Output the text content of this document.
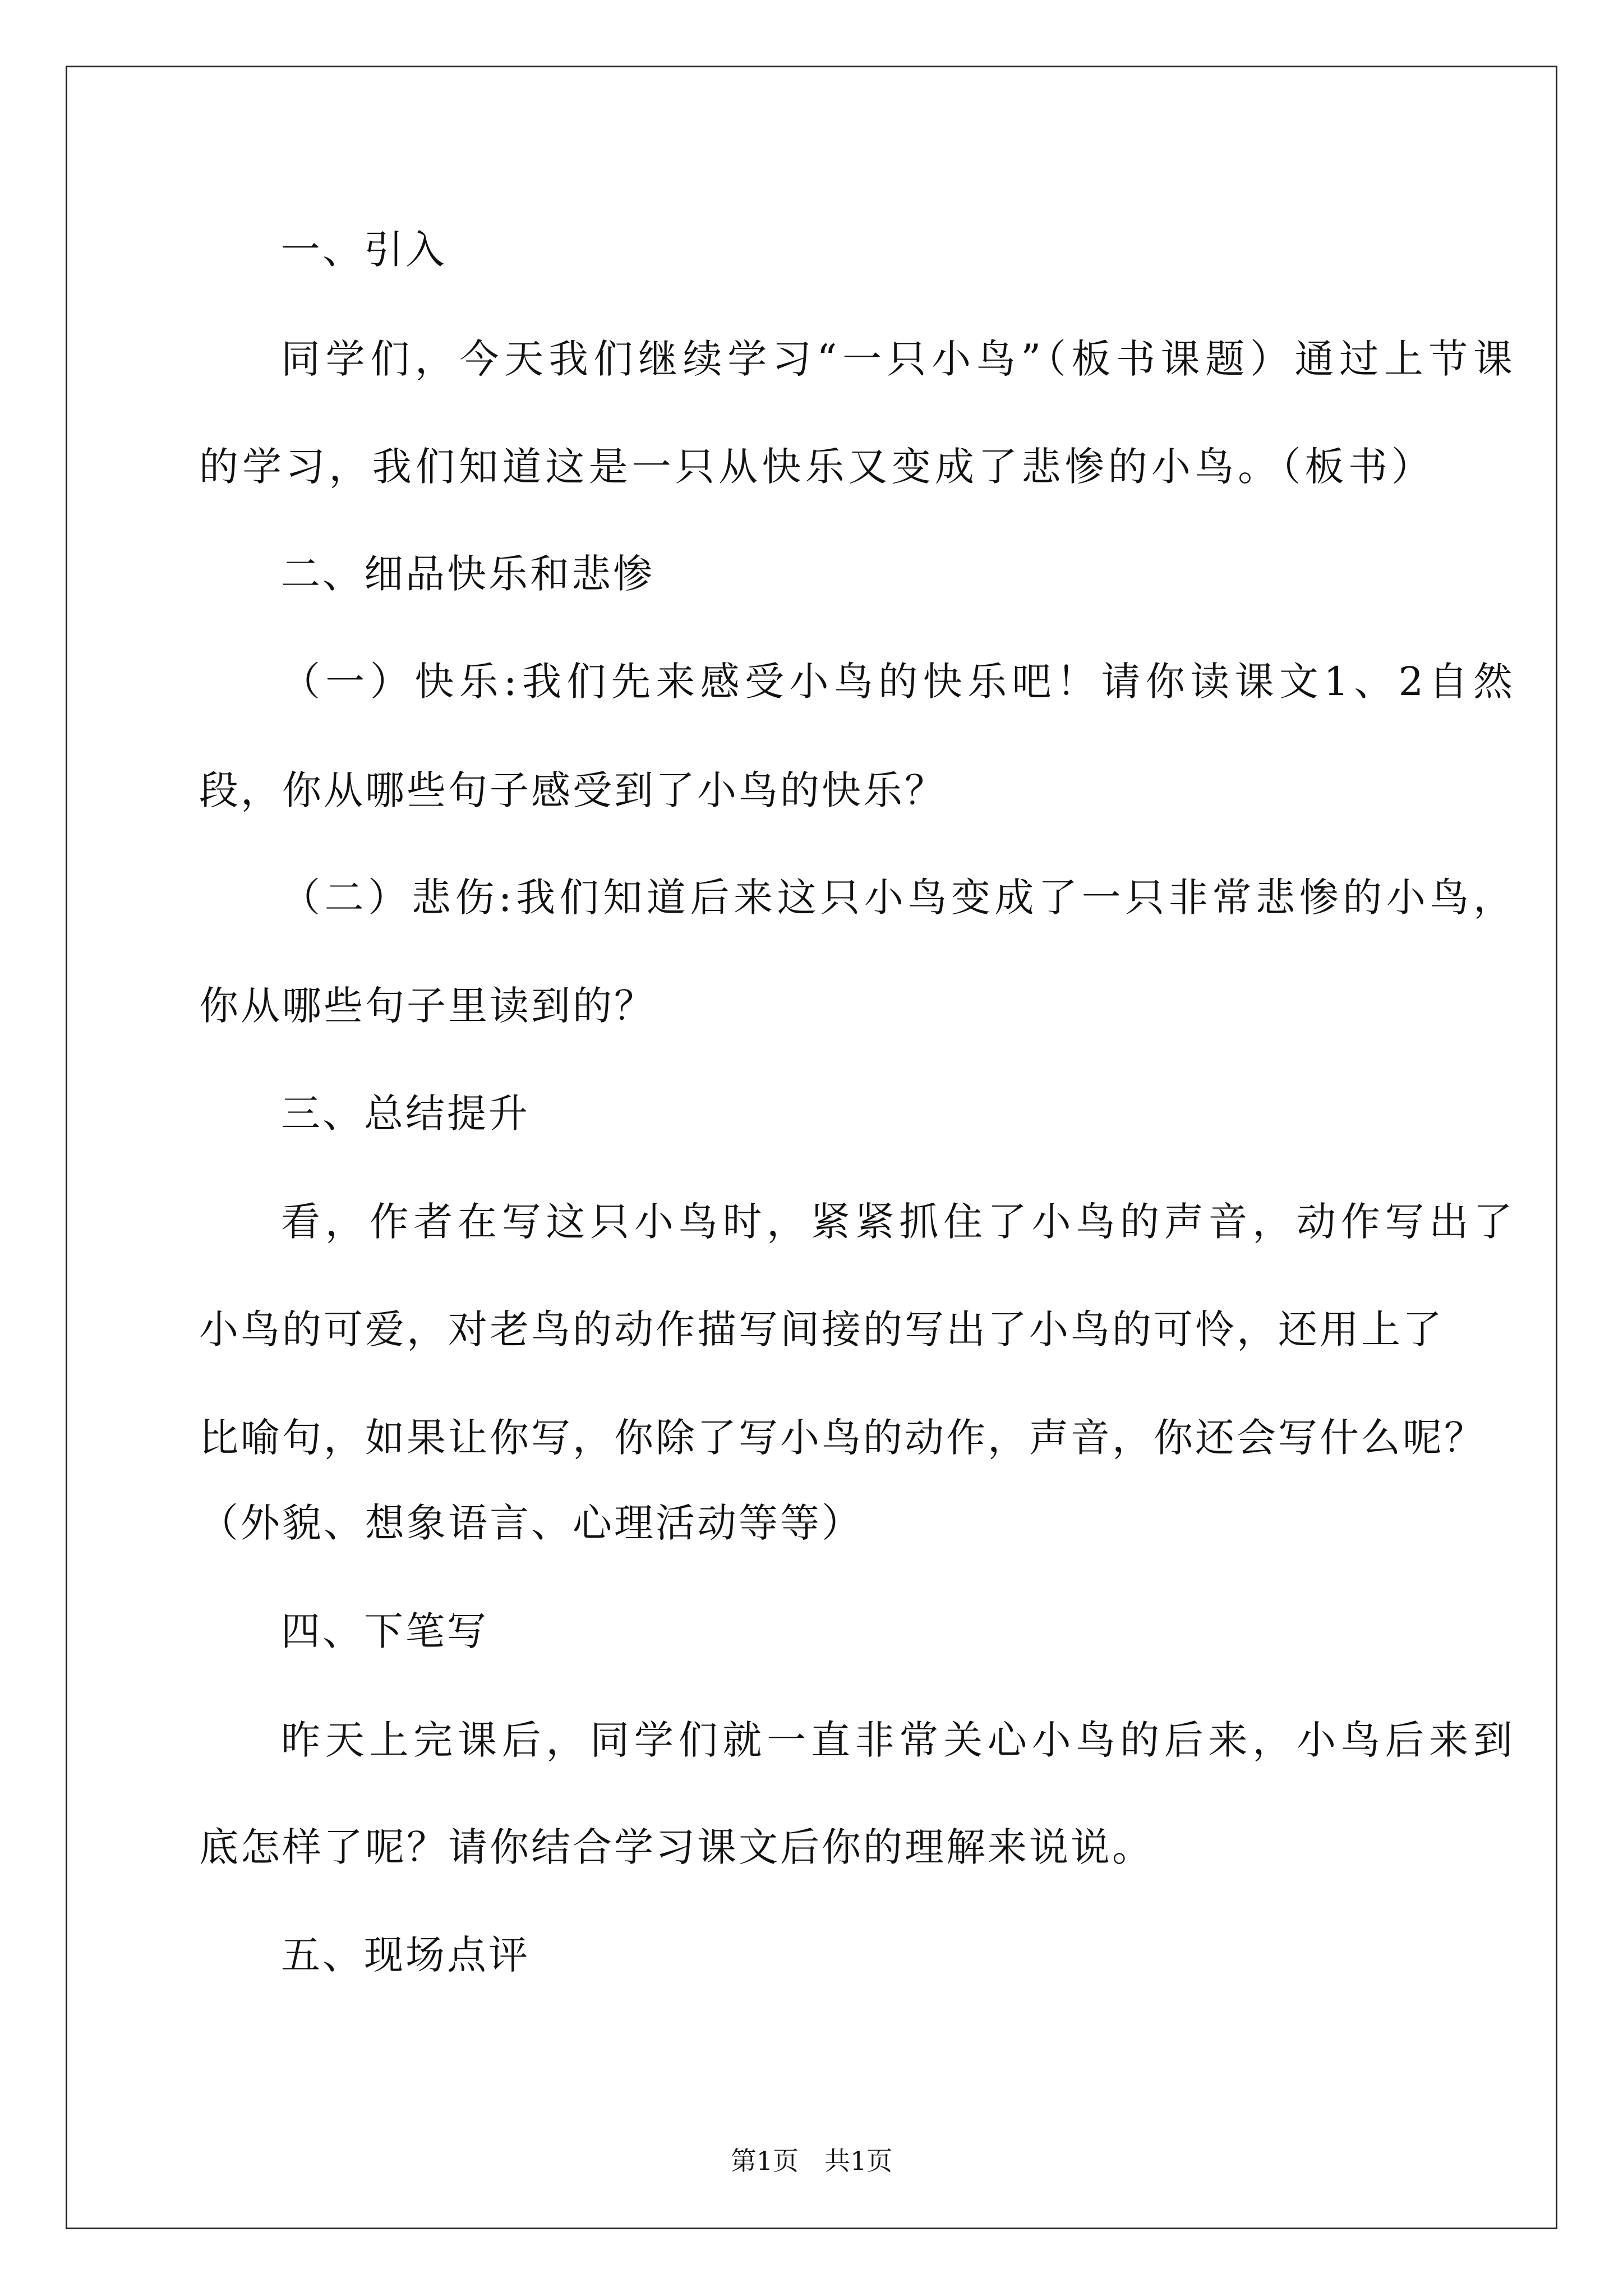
一、引入
同学们，今天我们继续学习“一只小鸟”（板书课题）通过上节课
的学习，我们知道这是一只从快乐又变成了悲惨的小鸟。（板书）
二、细品快乐和悲惨
（一）快乐:我们先来感受小鸟的快乐吧！请你读课文1、2自然
段，你从哪些句子感受到了小鸟的快乐？
（二）悲伤:我们知道后来这只小鸟变成了一只非常悲惨的小鸟，
你从哪些句子里读到的？
三、总结提升
看，作者在写这只小鸟时，紧紧抓住了小鸟的声音，动作写出了
小鸟的可爱，对老鸟的动作描写间接的写出了小鸟的可怜，还用上了
比喻句，如果让你写，你除了写小鸟的动作，声音，你还会写什么呢？
（外貌、想象语言、心理活动等等）
四、下笔写
昨天上完课后，同学们就一直非常关心小鸟的后来，小鸟后来到
底怎样了呢？请你结合学习课文后你的理解来说说。
五、现场点评
第1页　共1页
